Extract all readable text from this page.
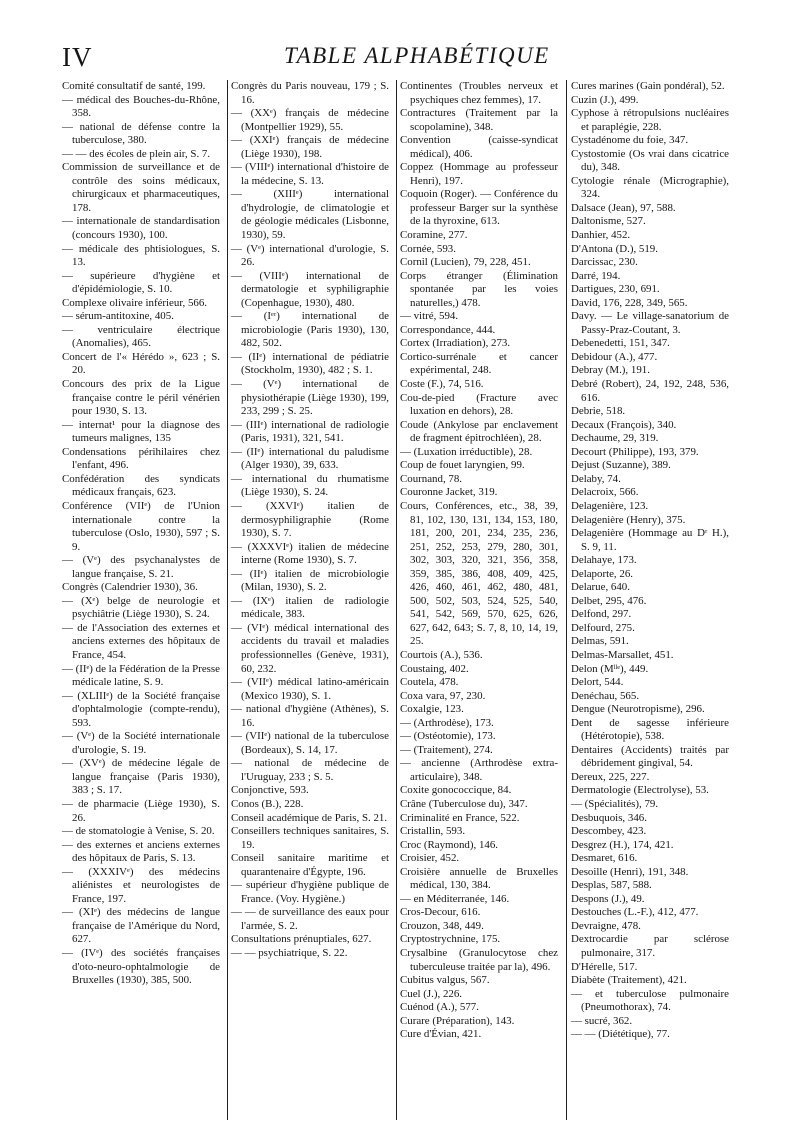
IV	TABLE ALPHABÉTIQUE

Comité consultatif de santé, 199.

— médical des Bouches-du-Rhône, 358.

— national de défense contre la tuberculose, 380.

— — des écoles de plein air, S. 7.

Commission de surveillance et de contrôle des soins médicaux, chirurgicaux et pharmaceutiques, 178.

— internationale de standardisation (concours 1930), 100.

— médicale des phtisiologues, S. 13.

— supérieure d'hygiène et d'épidémiologie, S. 10.

Complexe olivaire inférieur, 566.

— sérum-antitoxine, 405.

— ventriculaire électrique (Anomalies), 465.

Concert de l'« Hérédo », 623 ; S. 20.

Concours des prix de la Ligue française contre le péril vénérien pour 1930, S. 13.

— internat¹ pour la diagnose des tumeurs malignes, 135

Condensations périhilaires chez l'enfant, 496.

Confédération des syndicats médicaux français, 623.

Conférence (VIIᵉ) de l'Union internationale contre la tuberculose (Oslo, 1930), 597 ; S. 9.

— (Vᵉ) des psychanalystes de langue française, S. 21.

Congrès (Calendrier 1930), 36.

— (Xᵉ) belge de neurologie et psychiâtrie (Liège 1930), S. 24.

— de l'Association des externes et anciens externes des hôpitaux de France, 454.

— (IIᵉ) de la Fédération de la Presse médicale latine, S. 9.

— (XLIIIᵉ) de la Société française d'ophtalmologie (compte-rendu), 593.

— (Vᵉ) de la Société internationale d'urologie, S. 19.

— (XVᵉ) de médecine légale de langue française (Paris 1930), 383 ; S. 17.

— de pharmacie (Liège 1930), S. 26.

— de stomatologie à Venise, S. 20.

— des externes et anciens externes des hôpitaux de Paris, S. 13.

— (XXXIVᵉ) des médecins aliénistes et neurologistes de France, 197.

— (XIᵉ) des médecins de langue française de l'Amérique du Nord, 627.

— (IVᵉ) des sociétés françaises d'oto-neuro-ophtalmologie de Bruxelles (1930), 385, 500.

Congrès du Paris nouveau, 179 ; S. 16.

— (XXᵉ) français de médecine (Montpellier 1929), 55.

— (XXIᵉ) français de médecine (Liège 1930), 198.

— (VIIIᵉ) international d'histoire de la médecine, S. 13.

— (XIIIᵉ) international d'hydrologie, de climatologie et de géologie médicales (Lisbonne, 1930), 59.

— (Vᵉ) international d'urologie, S. 26.

— (VIIIᵉ) international de dermatologie et syphiligraphie (Copenhague, 1930), 480.

— (Iᵉʳ) international de microbiologie (Paris 1930), 130, 482, 502.

— (IIᵉ) international de pédiatrie (Stockholm, 1930), 482 ; S. 1.

— (Vᵉ) international de physiothérapie (Liège 1930), 199, 233, 299 ; S. 25.

— (IIIᵉ) international de radiologie (Paris, 1931), 321, 541.

— (IIᵉ) international du paludisme (Alger 1930), 39, 633.

— international du rhumatisme (Liège 1930), S. 24.

— (XXVIᵉ) italien de dermosyphiligraphie (Rome 1930), S. 7.

— (XXXVIᵉ) italien de médecine interne (Rome 1930), S. 7.

— (IIᵉ) italien de microbiologie (Milan, 1930), S. 2.

— (IXᵉ) italien de radiologie médicale, 383.

— (VIᵉ) médical international des accidents du travail et maladies professionnelles (Genève, 1931), 60, 232.

— (VIIᵉ) médical latino-américain (Mexico 1930), S. 1.

— national d'hygiène (Athènes), S. 16.

— (VIIᵉ) national de la tuberculose (Bordeaux), S. 14, 17.

— national de médecine de l'Uruguay, 233 ; S. 5.

Conjonctive, 593.

Conos (B.), 228.

Conseil académique de Paris, S. 21.

Conseillers techniques sanitaires, S. 19.

Conseil sanitaire maritime et quarantenaire d'Égypte, 196.

— supérieur d'hygiène publique de France. (Voy. Hygiène.)

— — de surveillance des eaux pour l'armée, S. 2.

Consultations prénuptiales, 627.

— — psychiatrique, S. 22.

Continentes (Troubles nerveux et psychiques chez femmes), 17.

Contractures (Traitement par la scopolamine), 348.

Convention (caisse-syndicat médical), 406.

Coppez (Hommage au professeur Henri), 197.

Coquoin (Roger). — Conférence du professeur Barger sur la synthèse de la thyroxine, 613.

Coramine, 277.

Cornée, 593.

Cornil (Lucien), 79, 228, 451.

Corps étranger (Élimination spontanée par les voies naturelles,) 478.

— vitré, 594.

Correspondance, 444.

Cortex (Irradiation), 273.

Cortico-surrénale et cancer expérimental, 248.

Coste (F.), 74, 516.

Cou-de-pied (Fracture avec luxation en dehors), 28.

Coude (Ankylose par enclavement de fragment épitrochléen), 28.

— (Luxation irréductible), 28.

Coup de fouet laryngien, 99.

Cournand, 78.

Couronne Jacket, 319.

Cours, Conférences, etc., 38, 39, 81, 102, 130, 131, 134, 153, 180, 181, 200, 201, 234, 235, 236, 251, 252, 253, 279, 280, 301, 302, 303, 320, 321, 356, 358, 359, 385, 386, 408, 409, 425, 426, 460, 461, 462, 480, 481, 500, 502, 503, 524, 525, 540, 541, 542, 569, 570, 625, 626, 627, 642, 643; S. 7, 8, 10, 14, 19, 25.

Courtois (A.), 536.

Coustaing, 402.

Coutela, 478.

Coxa vara, 97, 230.

Coxalgie, 123.

— (Arthrodèse), 173.

— (Ostéotomie), 173.

— (Traitement), 274.

— ancienne (Arthrodèse extra-articulaire), 348.

Coxite gonococcique, 84.

Crâne (Tuberculose du), 347.

Criminalité en France, 522.

Cristallin, 593.

Croc (Raymond), 146.

Croisier, 452.

Croisière annuelle de Bruxelles médical, 130, 384.

— en Méditerranée, 146.

Cros-Decour, 616.

Crouzon, 348, 449.

Cryptostrychnine, 175.

Crysalbine (Granulocytose chez tuberculeuse traitée par la), 496.

Cubitus valgus, 567.

Cuel (J.), 226.

Cuénod (A.), 577.

Curare (Préparation), 143.

Cure d'Évian, 421.

Cures marines (Gain pondéral), 52.

Cuzin (J.), 499.

Cyphose à rétropulsions nucléaires et paraplégie, 228.

Cystadénome du foie, 347.

Cystostomie (Os vrai dans cicatrice du), 348.

Cytologie rénale (Micrographie), 324.

Dalsace (Jean), 97, 588.

Daltonisme, 527.

Danhier, 452.

D'Antona (D.), 519.

Darcissac, 230.

Darré, 194.

Dartigues, 230, 691.

David, 176, 228, 349, 565.

Davy. — Le village-sanatorium de Passy-Praz-Coutant, 3.

Debenedetti, 151, 347.

Debidour (A.), 477.

Debray (M.), 191.

Debré (Robert), 24, 192, 248, 536, 616.

Debrie, 518.

Decaux (François), 340.

Dechaume, 29, 319.

Decourt (Philippe), 193, 379.

Dejust (Suzanne), 389.

Delaby, 74.

Delacroix, 566.

Delagenière, 123.

Delagenière (Henry), 375.

Delagenière (Hommage au Dʳ H.), S. 9, 11.

Delahaye, 173.

Delaporte, 26.

Delarue, 640.

Delbet, 295, 476.

Delfond, 297.

Delfourd, 275.

Delmas, 591.

Delmas-Marsallet, 451.

Delon (Mˡˡᵉ), 449.

Delort, 544.

Denéchau, 565.

Dengue (Neurotropisme), 296.

Dent de sagesse inférieure (Hétérotopie), 538.

Dentaires (Accidents) traités par débridement gingival, 54.

Dereux, 225, 227.

Dermatologie (Electrolyse), 53.

— (Spécialités), 79.

Desbuquois, 346.

Descombey, 423.

Desgrez (H.), 174, 421.

Desmaret, 616.

Desoille (Henri), 191, 348.

Desplas, 587, 588.

Despons (J.), 49.

Destouches (L.-F.), 412, 477.

Devraigne, 478.

Dextrocardie par sclérose pulmonaire, 317.

D'Hérelle, 517.

Diabète (Traitement), 421.

— et tuberculose pulmonaire (Pneumothorax), 74.

— sucré, 362.

— — (Diététique), 77.
